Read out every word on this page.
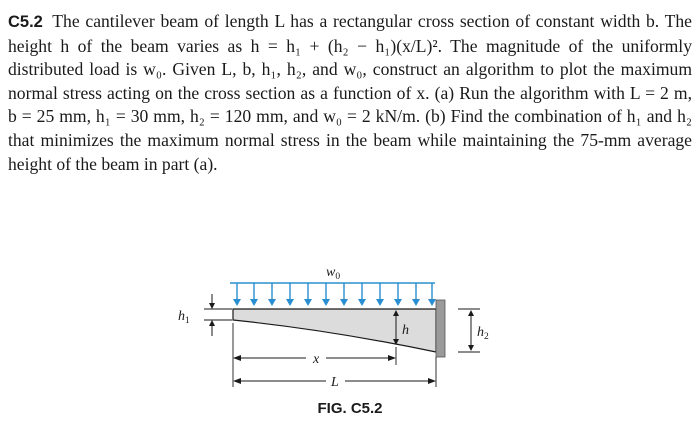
C5.2 The cantilever beam of length L has a rectangular cross section of constant width b. The height h of the beam varies as h = h₁ + (h₂ − h₁)(x/L)². The magnitude of the uniformly distributed load is w₀. Given L, b, h₁, h₂, and w₀, construct an algorithm to plot the maximum normal stress acting on the cross section as a function of x. (a) Run the algorithm with L = 2 m, b = 25 mm, h₁ = 30 mm, h₂ = 120 mm, and w₀ = 2 kN/m. (b) Find the combination of h₁ and h₂ that minimizes the maximum normal stress in the beam while maintaining the 75-mm average height of the beam in part (a).
$w_0$
$h_1$
h	$h_2$
x
L
FIG. C5.2
